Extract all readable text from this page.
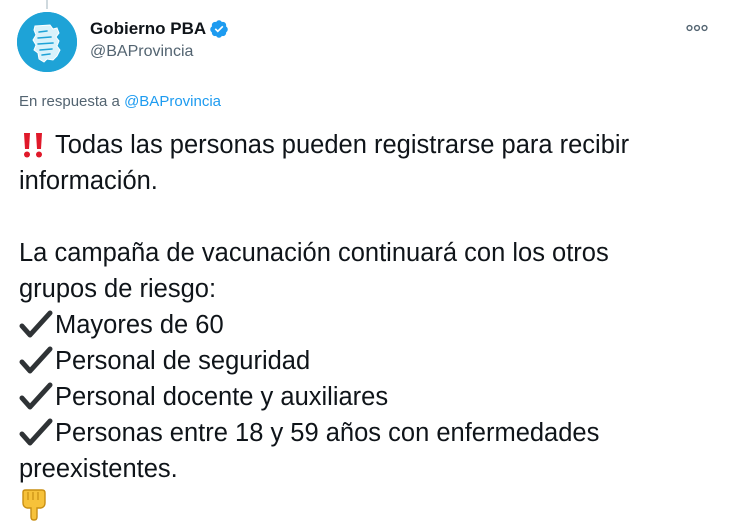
Gobierno PBA
@BAProvincia
En respuesta a @BAProvincia
Todas las personas pueden registrarse para recibir
información.
La campaña de vacunación continuará con los otros
grupos de riesgo:
Mayores de 60
Personal de seguridad
Personal docente y auxiliares
Personas entre 18 y 59 años con enfermedades
preexistentes.
